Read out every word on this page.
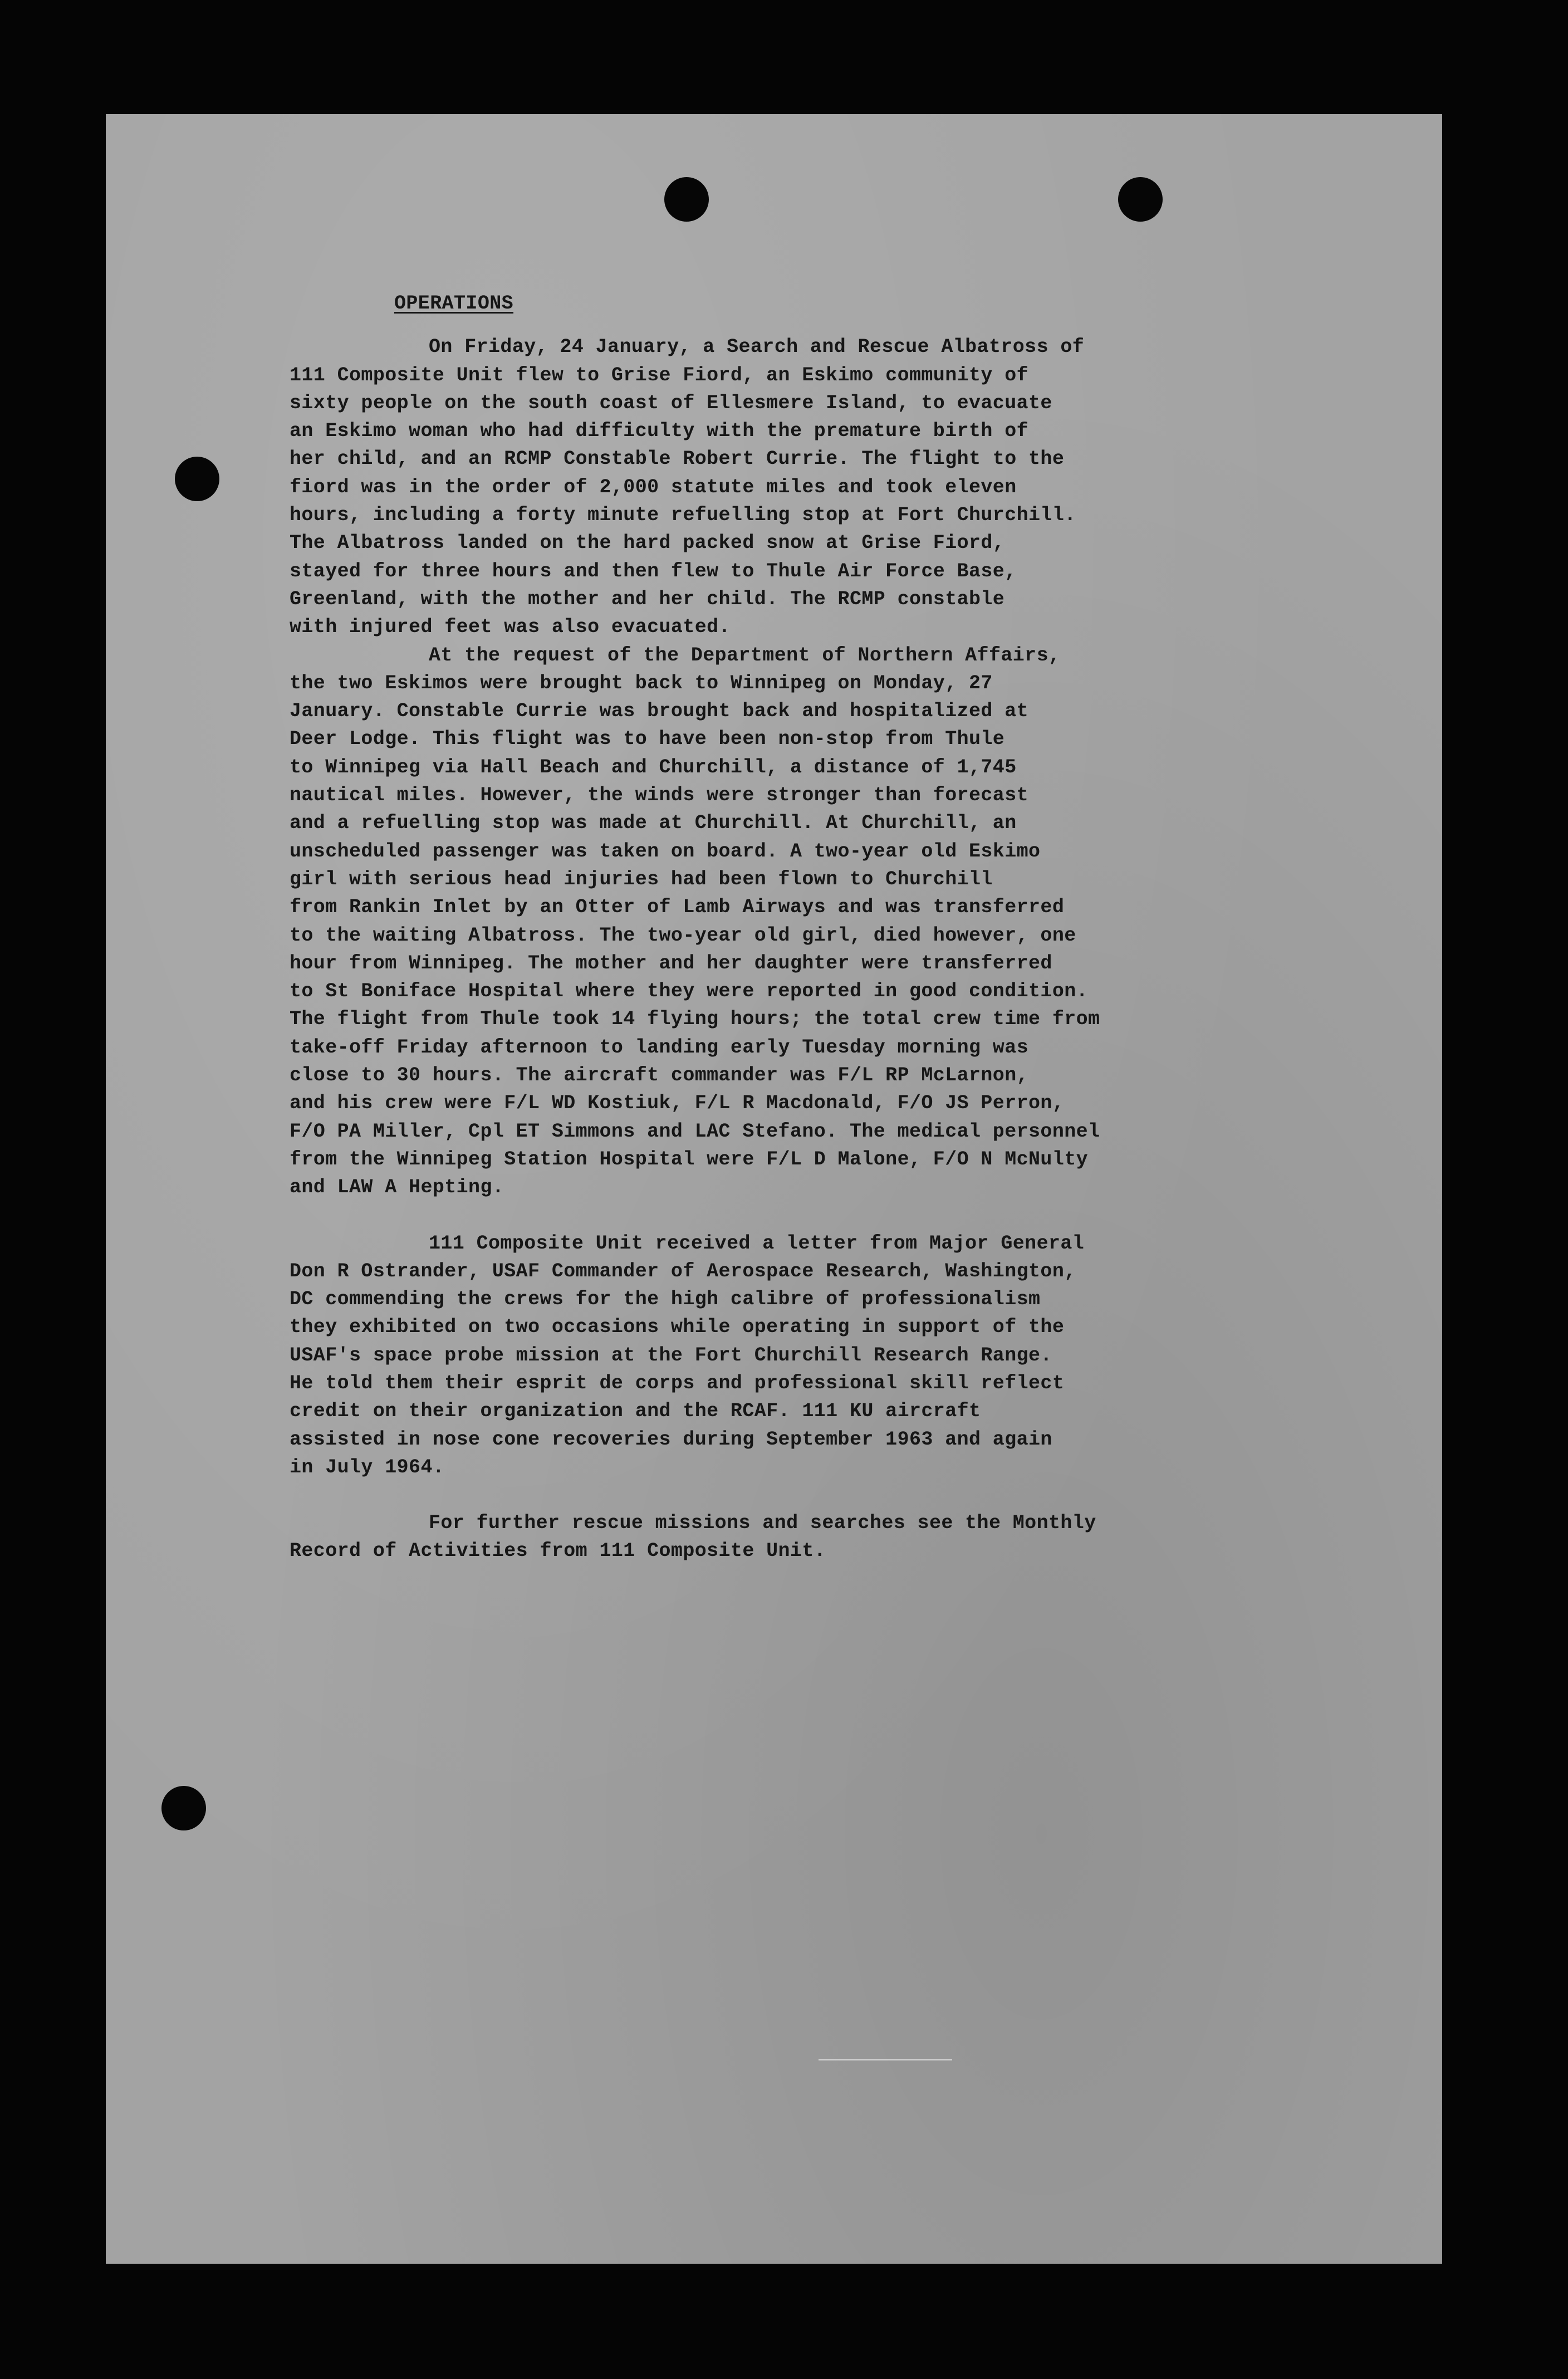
OPERATIONS

On Friday, 24 January, a Search and Rescue Albatross of
111 Composite Unit flew to Grise Fiord, an Eskimo community of
sixty people on the south coast of Ellesmere Island, to evacuate
an Eskimo woman who had difficulty with the premature birth of
her child, and an RCMP Constable Robert Currie. The flight to the
fiord was in the order of 2,000 statute miles and took eleven
hours, including a forty minute refuelling stop at Fort Churchill.
The Albatross landed on the hard packed snow at Grise Fiord,
stayed for three hours and then flew to Thule Air Force Base,
Greenland, with the mother and her child. The RCMP constable
with injured feet was also evacuated.

At the request of the Department of Northern Affairs,
the two Eskimos were brought back to Winnipeg on Monday, 27
January. Constable Currie was brought back and hospitalized at
Deer Lodge. This flight was to have been non-stop from Thule
to Winnipeg via Hall Beach and Churchill, a distance of 1,745
nautical miles. However, the winds were stronger than forecast
and a refuelling stop was made at Churchill. At Churchill, an
unscheduled passenger was taken on board. A two-year old Eskimo
girl with serious head injuries had been flown to Churchill
from Rankin Inlet by an Otter of Lamb Airways and was transferred
to the waiting Albatross. The two-year old girl, died however, one
hour from Winnipeg. The mother and her daughter were transferred
to St Boniface Hospital where they were reported in good condition.
The flight from Thule took 14 flying hours; the total crew time from
take-off Friday afternoon to landing early Tuesday morning was
close to 30 hours. The aircraft commander was F/L RP McLarnon,
and his crew were F/L WD Kostiuk, F/L R Macdonald, F/O JS Perron,
F/O PA Miller, Cpl ET Simmons and LAC Stefano. The medical personnel
from the Winnipeg Station Hospital were F/L D Malone, F/O N McNulty
and LAW A Hepting.

111 Composite Unit received a letter from Major General
Don R Ostrander, USAF Commander of Aerospace Research, Washington,
DC commending the crews for the high calibre of professionalism
they exhibited on two occasions while operating in support of the
USAF's space probe mission at the Fort Churchill Research Range.
He told them their esprit de corps and professional skill reflect
credit on their organization and the RCAF. 111 KU aircraft
assisted in nose cone recoveries during September 1963 and again
in July 1964.

For further rescue missions and searches see the Monthly
Record of Activities from 111 Composite Unit.
